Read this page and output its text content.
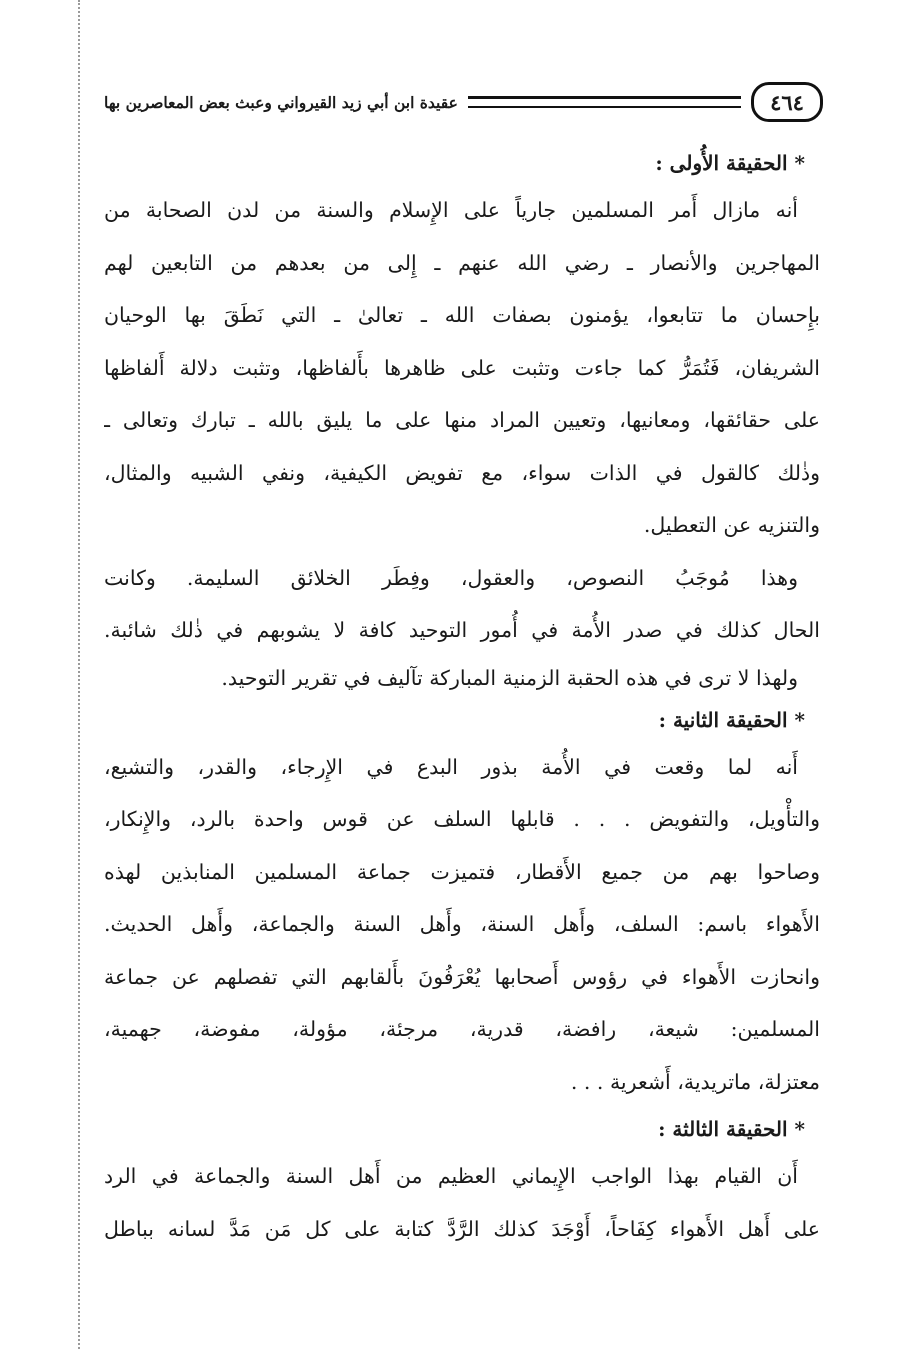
٤٦٤
عقيدة ابن أبي زيد القيرواني وعبث بعض المعاصرين بها
* الحقيقة الأُولى :

أنه مازال أَمر المسلمين جارياً على الإِسلام والسنة من لدن الصحابة من
المهاجرين والأنصار ـ رضي الله عنهم ـ إِلى من بعدهم من التابعين لهم
بإِحسان ما تتابعوا، يؤمنون بصفات الله ـ تعالىٰ ـ التي نَطَقَ بها الوحيان
الشريفان، فَتُمَرُّ كما جاءت وتثبت على ظاهرها بأَلفاظها، وتثبت دلالة أَلفاظها
على حقائقها، ومعانيها، وتعيين المراد منها على ما يليق بالله ـ تبارك وتعالى ـ
وذٰلك كالقول في الذات سواء، مع تفويض الكيفية، ونفي الشبيه والمثال،
والتنزيه عن التعطيل.

وهذا مُوجَبُ النصوص، والعقول، وفِطَر الخلائق السليمة. وكانت
الحال كذلك في صدر الأُمة في أُمور التوحيد كافة لا يشوبهم في ذٰلك شائبة.

ولهذا لا ترى في هذه الحقبة الزمنية المباركة تآليف في تقرير التوحيد.

* الحقيقة الثانية :

أَنه لما وقعت في الأُمة بذور البدع في الإِرجاء، والقدر، والتشيع،
والتأْويل، والتفويض . . . قابلها السلف عن قوس واحدة بالرد، والإِنكار،
وصاحوا بهم من جميع الأَقطار، فتميزت جماعة المسلمين المنابذين لهذه
الأَهواء باسم: السلف، وأَهل السنة، وأَهل السنة والجماعة، وأَهل الحديث.
وانحازت الأَهواء في رؤوس أَصحابها يُعْرَفُونَ بأَلقابهم التي تفصلهم عن جماعة
المسلمين: شيعة، رافضة، قدرية، مرجئة، مؤولة، مفوضة، جهمية،
معتزلة، ماتريدية، أَشعرية . . .

* الحقيقة الثالثة :

أَن القيام بهذا الواجب الإِيماني العظيم من أَهل السنة والجماعة في الرد
على أَهل الأَهواء كِفَاحاً، أَوْجَدَ كذلك الرَّدَّ كتابة على كل مَن مَدَّ لسانه بباطل
